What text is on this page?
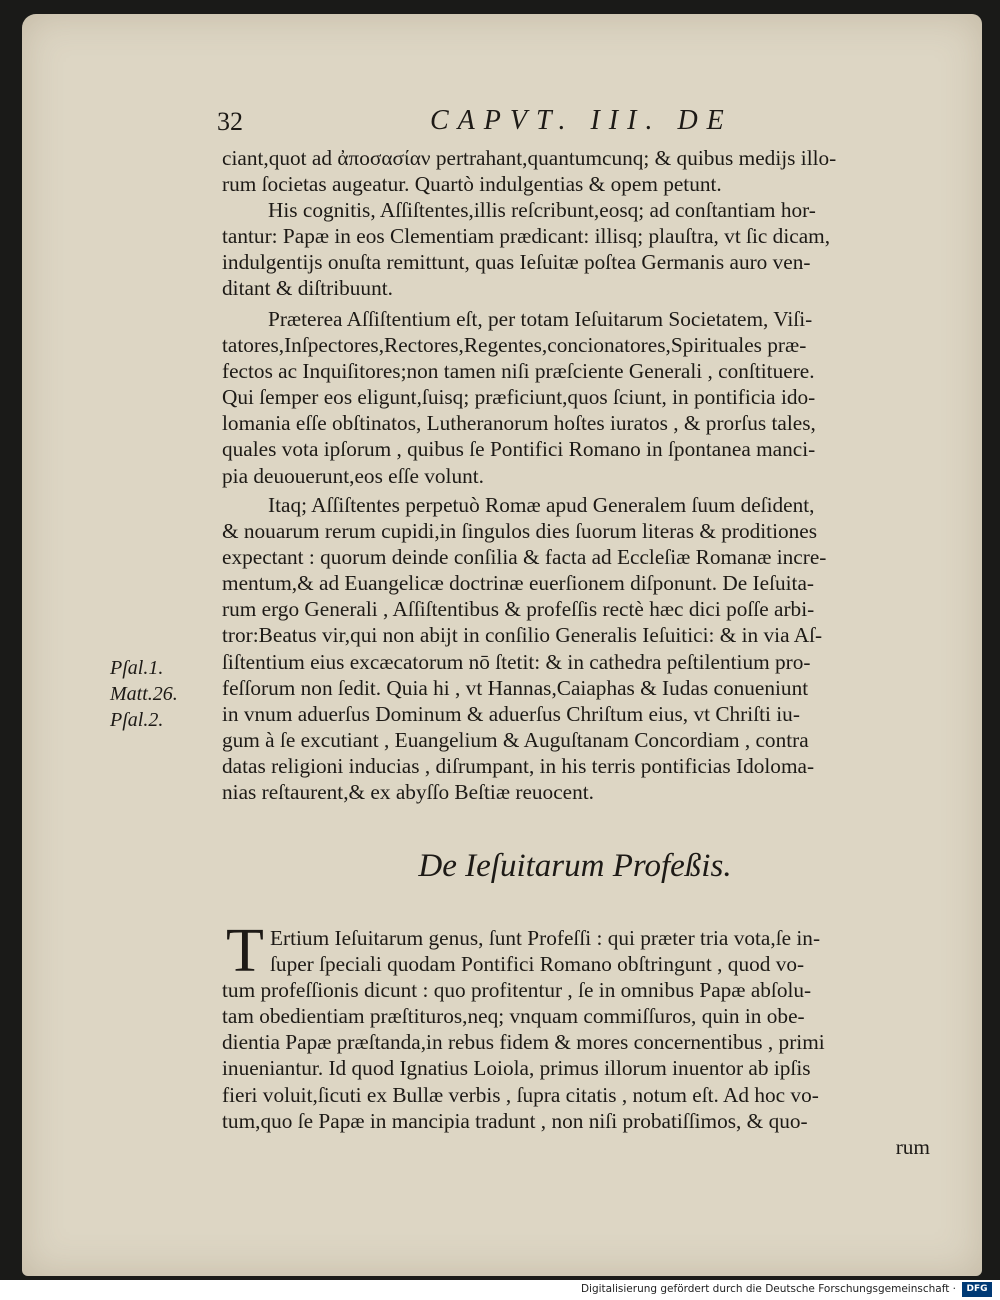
32	CAPVT. III. DE
ciant,quot ad ἀποσασίαν pertrahant,quantumcunq; & quibus medijs illo-
rum ſocietas augeatur. Quartò indulgentias & opem petunt.
His cognitis, Aſſiſtentes,illis reſcribunt,eosq; ad conſtantiam hor-
tantur: Papæ in eos Clementiam prædicant: illisq; plauſtra, vt ſic dicam,
indulgentijs onuſta remittunt, quas Ieſuitæ poſtea Germanis auro ven-
ditant & diſtribuunt.
Præterea Aſſiſtentium eſt, per totam Ieſuitarum Societatem, Viſi-
tatores,Inſpectores,Rectores,Regentes,concionatores,Spirituales præ-
fectos ac Inquiſitores;non tamen niſi præſciente Generali , conſtituere.
Qui ſemper eos eligunt,ſuisq; præficiunt,quos ſciunt, in pontificia ido-
lomania eſſe obſtinatos, Lutheranorum hoſtes iuratos , & prorſus tales,
quales vota ipſorum , quibus ſe Pontifici Romano in ſpontanea manci-
pia deuouerunt,eos eſſe volunt.
Itaq; Aſſiſtentes perpetuò Romæ apud Generalem ſuum deſident,
& nouarum rerum cupidi,in ſingulos dies ſuorum literas & proditiones
expectant : quorum deinde conſilia & facta ad Eccleſiæ Romanæ incre-
mentum,& ad Euangelicæ doctrinæ euerſionem diſponunt. De Ieſuita-
rum ergo Generali , Aſſiſtentibus & profeſſis rectè hæc dici poſſe arbi-
tror:Beatus vir,qui non abijt in conſilio Generalis Ieſuitici: & in via Aſ-
ſiſtentium eius excæcatorum nō ſtetit: & in cathedra peſtilentium pro-
feſſorum non ſedit. Quia hi , vt Hannas,Caiaphas & Iudas conueniunt
in vnum aduerſus Dominum & aduerſus Chriſtum eius, vt Chriſti iu-
gum à ſe excutiant , Euangelium & Auguſtanam Concordiam , contra
datas religioni inducias , diſrumpant, in his terris pontificias Idoloma-
nias reſtaurent,& ex abyſſo Beſtiæ reuocent.
Pſal.1.
Matt.26.
Pſal.2.
De Ieſuitarum Profeßis.
T Ertium Ieſuitarum genus, ſunt Profeſſi : qui præter tria vota,ſe in-
ſuper ſpeciali quodam Pontifici Romano obſtringunt , quod vo-
tum profeſſionis dicunt : quo profitentur , ſe in omnibus Papæ abſolu-
tam obedientiam præſtituros,neq; vnquam commiſſuros, quin in obe-
dientia Papæ præſtanda,in rebus fidem & mores concernentibus , primi
inueniantur. Id quod Ignatius Loiola, primus illorum inuentor ab ipſis
fieri voluit,ſicuti ex Bullæ verbis , ſupra citatis , notum eſt. Ad hoc vo-
tum,quo ſe Papæ in mancipia tradunt , non niſi probatiſſimos, & quo-
rum
Digitalisierung gefördert durch die Deutsche Forschungsgemeinschaft ·	DFG
